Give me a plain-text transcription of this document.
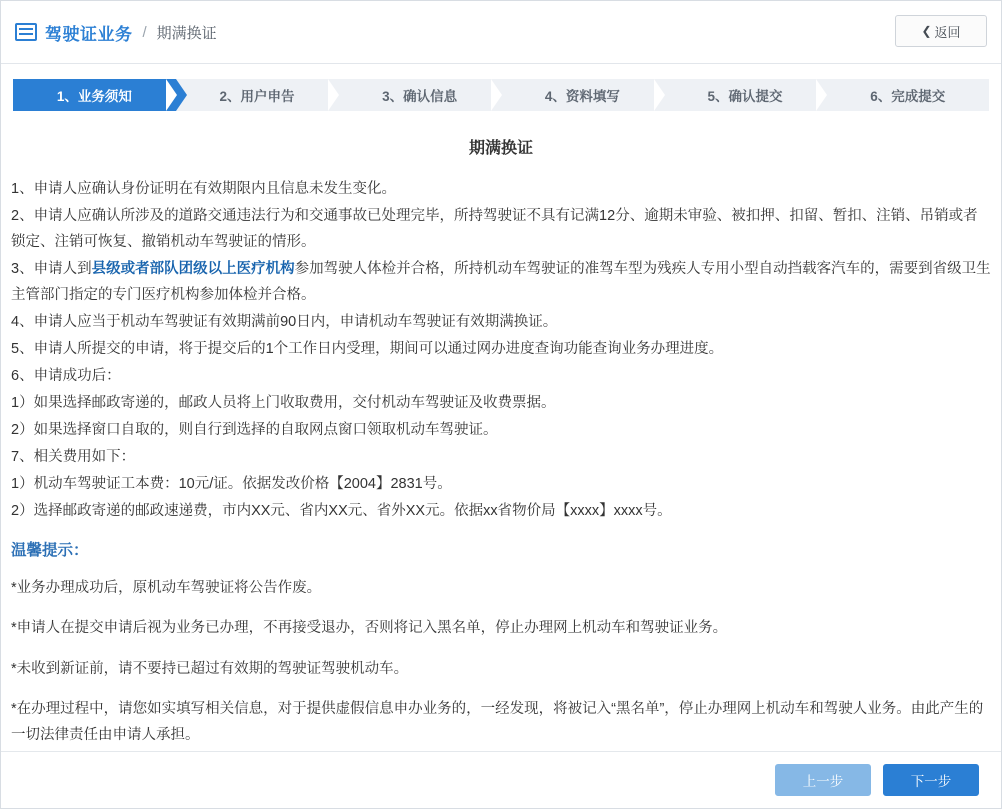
驾驶证业务 / 期满换证	❮ 返回
1、业务须知	2、用户申告	3、确认信息	4、资料填写	5、确认提交	6、完成提交
期满换证

1、申请人应确认身份证明在有效期限内且信息未发生变化。

2、申请人应确认所涉及的道路交通违法行为和交通事故已处理完毕，所持驾驶证不具有记满12分、逾期未审验、被扣押、扣留、暂扣、注销、吊销或者锁定、注销可恢复、撤销机动车驾驶证的情形。

3、申请人到县级或者部队团级以上医疗机构参加驾驶人体检并合格，所持机动车驾驶证的准驾车型为残疾人专用小型自动挡载客汽车的，需要到省级卫生主管部门指定的专门医疗机构参加体检并合格。

4、申请人应当于机动车驾驶证有效期满前90日内，申请机动车驾驶证有效期满换证。

5、申请人所提交的申请，将于提交后的1个工作日内受理，期间可以通过网办进度查询功能查询业务办理进度。

6、申请成功后：

1）如果选择邮政寄递的，邮政人员将上门收取费用，交付机动车驾驶证及收费票据。

2）如果选择窗口自取的，则自行到选择的自取网点窗口领取机动车驾驶证。

7、相关费用如下：

1）机动车驾驶证工本费：10元/证。依据发改价格【2004】2831号。

2）选择邮政寄递的邮政速递费，市内XX元、省内XX元、省外XX元。依据xx省物价局【xxxx】xxxx号。

温馨提示：

*业务办理成功后，原机动车驾驶证将公告作废。

*申请人在提交申请后视为业务已办理，不再接受退办，否则将记入黑名单，停止办理网上机动车和驾驶证业务。

*未收到新证前，请不要持已超过有效期的驾驶证驾驶机动车。

*在办理过程中，请您如实填写相关信息，对于提供虚假信息申办业务的，一经发现，将被记入“黑名单”，停止办理网上机动车和驾驶人业务。由此产生的一切法律责任由申请人承担。

上一步	下一步
